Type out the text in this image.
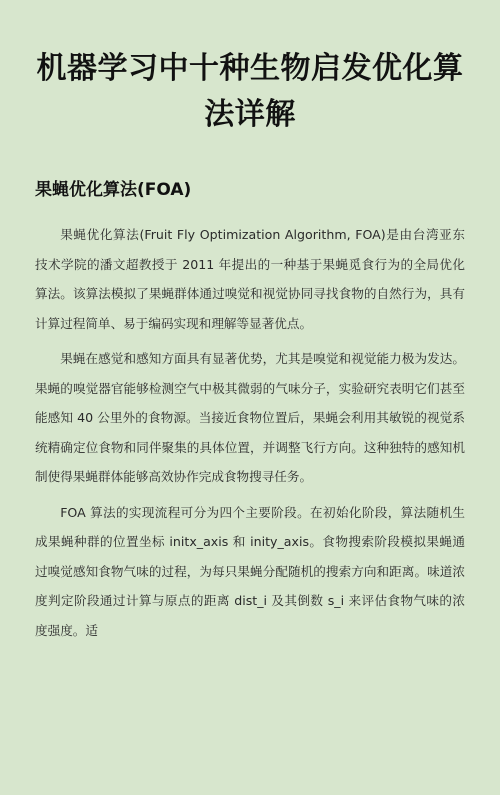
机器学习中十种生物启发优化算法详解
果蝇优化算法(FOA)

果蝇优化算法(Fruit Fly Optimization Algorithm, FOA)是由台湾亚东技术学院的潘文超教授于 2011 年提出的一种基于果蝇觅食行为的全局优化算法。该算法模拟了果蝇群体通过嗅觉和视觉协同寻找食物的自然行为，具有计算过程简单、易于编码实现和理解等显著优点。

果蝇在感觉和感知方面具有显著优势，尤其是嗅觉和视觉能力极为发达。果蝇的嗅觉器官能够检测空气中极其微弱的气味分子，实验研究表明它们甚至能感知 40 公里外的食物源。当接近食物位置后，果蝇会利用其敏锐的视觉系统精确定位食物和同伴聚集的具体位置，并调整飞行方向。这种独特的感知机制使得果蝇群体能够高效协作完成食物搜寻任务。

FOA 算法的实现流程可分为四个主要阶段。在初始化阶段，算法随机生成果蝇种群的位置坐标 initx_axis 和 inity_axis。食物搜索阶段模拟果蝇通过嗅觉感知食物气味的过程，为每只果蝇分配随机的搜索方向和距离。味道浓度判定阶段通过计算与原点的距离 dist_i 及其倒数 s_i 来评估食物气味的浓度强度。适
